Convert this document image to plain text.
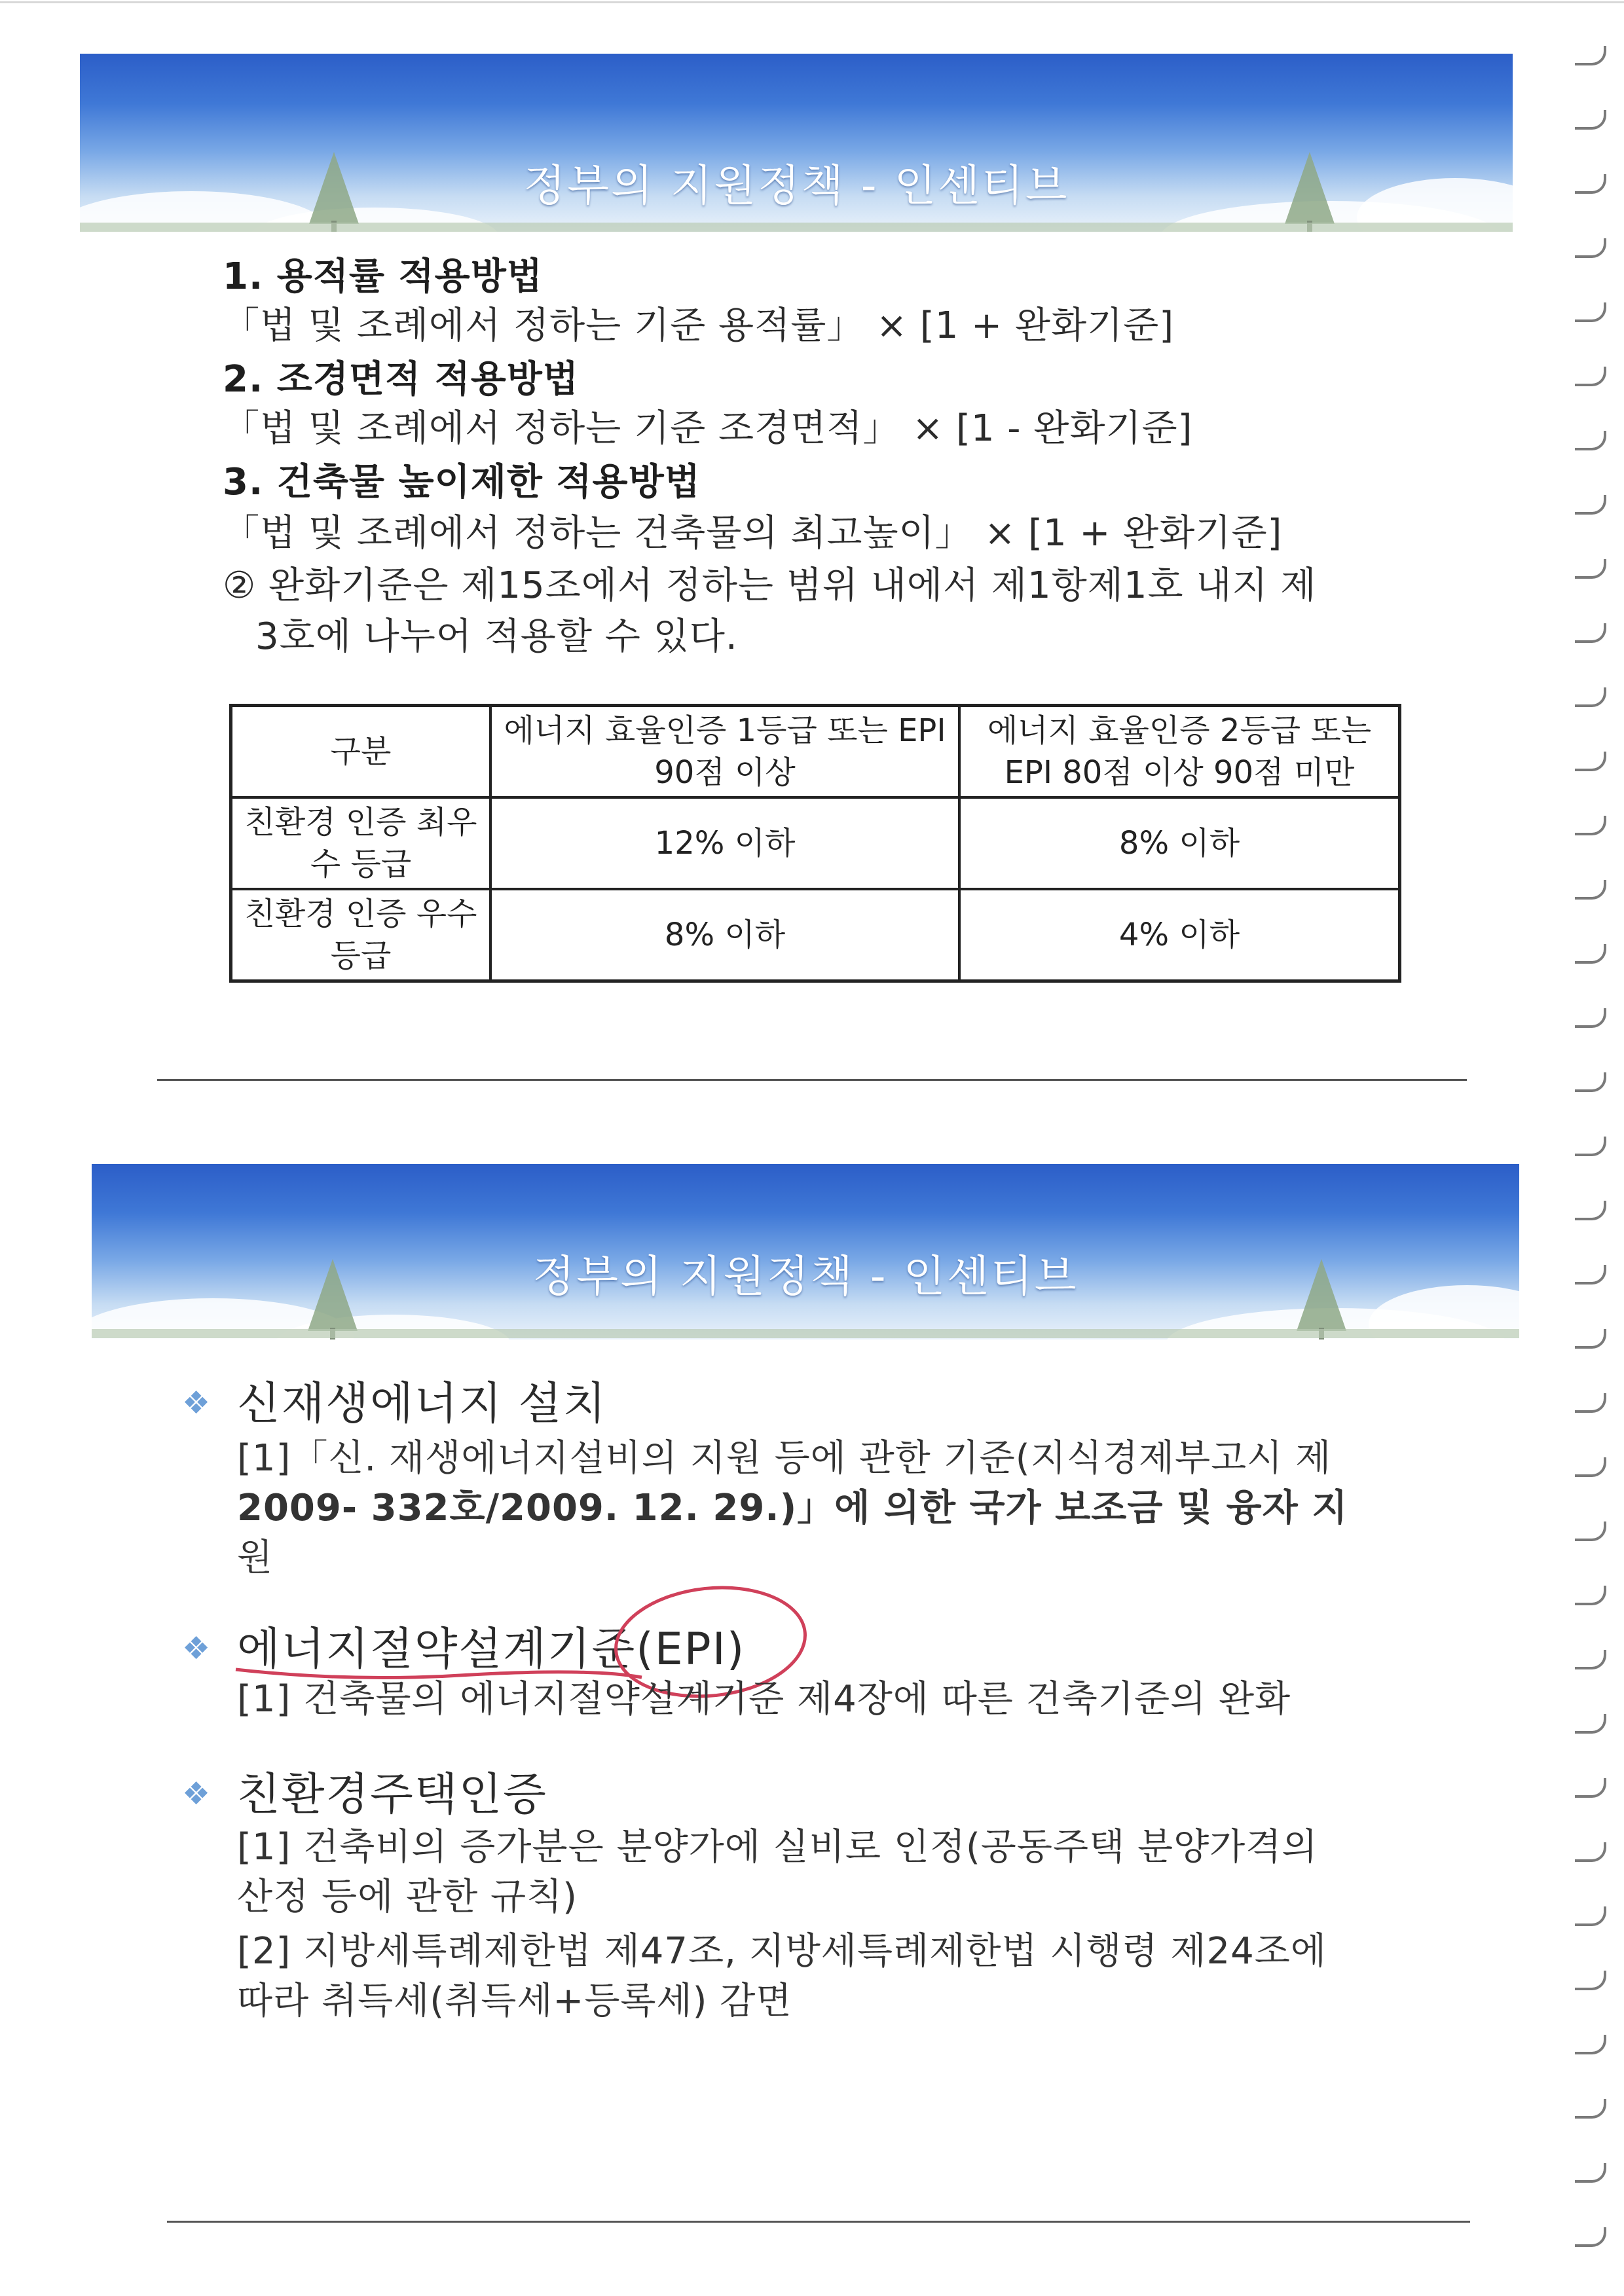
정부의 지원정책 - 인센티브
1. 용적률 적용방법
「법 및 조례에서 정하는 기준 용적률」 × [1 + 완화기준]
2. 조경면적 적용방법
「법 및 조례에서 정하는 기준 조경면적」 × [1 - 완화기준]
3. 건축물 높이제한 적용방법
「법 및 조례에서 정하는 건축물의 최고높이」 × [1 + 완화기준]
② 완화기준은 제15조에서 정하는 범위 내에서 제1항제1호 내지 제
3호에 나누어 적용할 수 있다.
구분	에너지 효율인증 1등급 또는 EPI 90점 이상	에너지 효율인증 2등급 또는 EPI 80점 이상 90점 미만
친환경 인증 최우수 등급	12% 이하	8% 이하
친환경 인증 우수 등급	8% 이하	4% 이하
정부의 지원정책 - 인센티브
❖ 신재생에너지 설치
[1]「신. 재생에너지설비의 지원 등에 관한 기준(지식경제부고시 제
2009- 332호/2009. 12. 29.)」에 의한 국가 보조금 및 융자 지
원
❖ 에너지절약설계기준(EPI)
[1] 건축물의 에너지절약설계기준 제4장에 따른 건축기준의 완화
❖ 친환경주택인증
[1] 건축비의 증가분은 분양가에 실비로 인정(공동주택 분양가격의
산정 등에 관한 규칙)
[2] 지방세특례제한법 제47조, 지방세특례제한법 시행령 제24조에
따라 취득세(취득세+등록세) 감면
